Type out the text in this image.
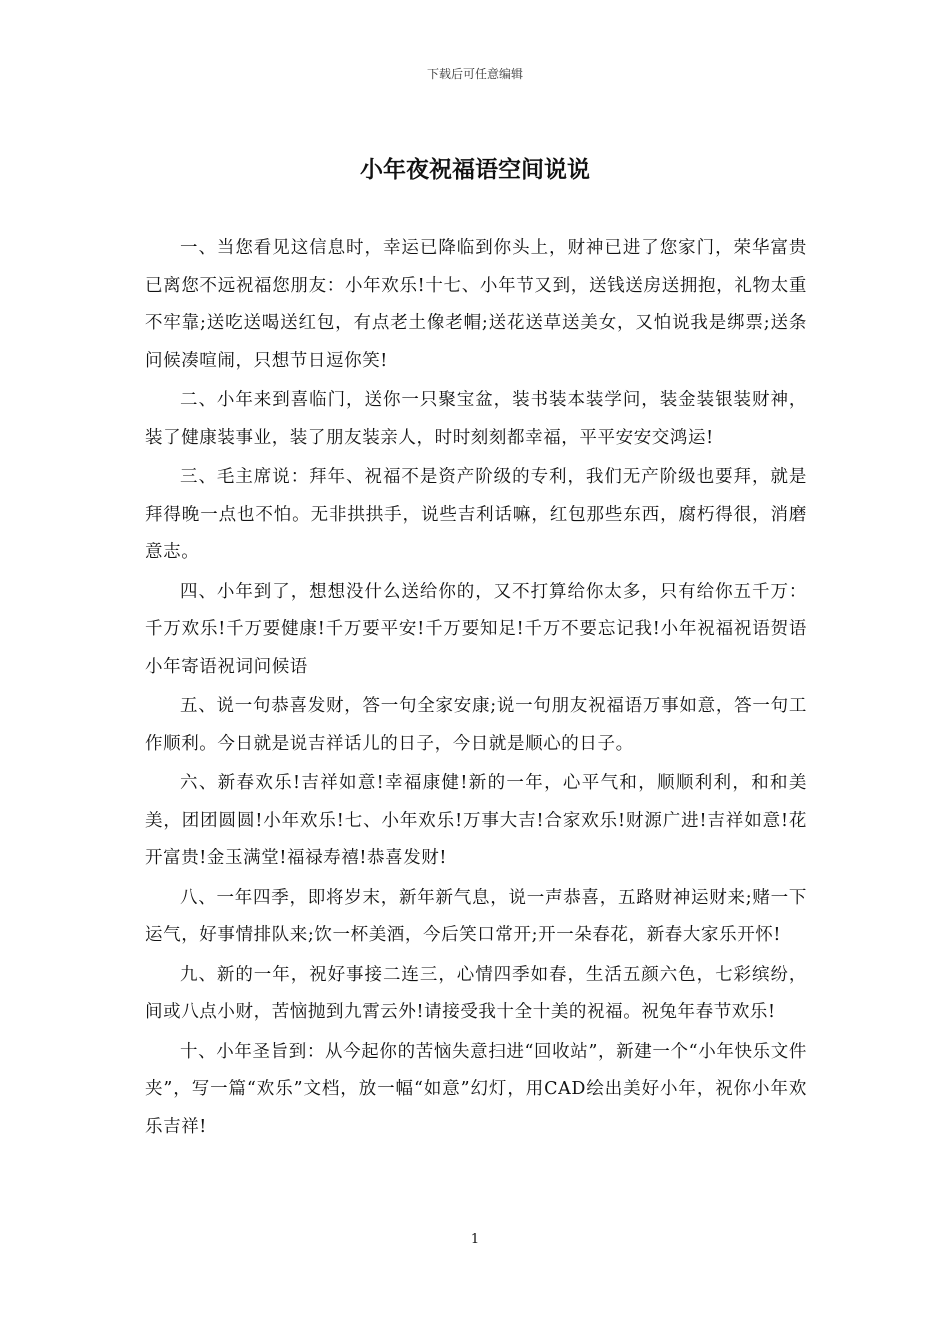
下载后可任意编辑
小年夜祝福语空间说说

一、当您看见这信息时，幸运已降临到你头上，财神已进了您家门，荣华富贵已离您不远祝福您朋友：小年欢乐!十七、小年节又到，送钱送房送拥抱，礼物太重不牢靠;送吃送喝送红包，有点老土像老帽;送花送草送美女，又怕说我是绑票;送条问候凑喧闹，只想节日逗你笑!

二、小年来到喜临门，送你一只聚宝盆，装书装本装学问，装金装银装财神，装了健康装事业，装了朋友装亲人，时时刻刻都幸福，平平安安交鸿运!

三、毛主席说：拜年、祝福不是资产阶级的专利，我们无产阶级也要拜，就是拜得晚一点也不怕。无非拱拱手，说些吉利话嘛，红包那些东西，腐朽得很，消磨意志。

四、小年到了，想想没什么送给你的，又不打算给你太多，只有给你五千万：千万欢乐!千万要健康!千万要平安!千万要知足!千万不要忘记我!小年祝福祝语贺语小年寄语祝词问候语

五、说一句恭喜发财，答一句全家安康;说一句朋友祝福语万事如意，答一句工作顺利。今日就是说吉祥话儿的日子，今日就是顺心的日子。

六、新春欢乐!吉祥如意!幸福康健!新的一年，心平气和，顺顺利利，和和美美，团团圆圆!小年欢乐!七、小年欢乐!万事大吉!合家欢乐!财源广进!吉祥如意!花开富贵!金玉满堂!福禄寿禧!恭喜发财!

八、一年四季，即将岁末，新年新气息，说一声恭喜，五路财神运财来;赌一下运气，好事情排队来;饮一杯美酒，今后笑口常开;开一朵春花，新春大家乐开怀!

九、新的一年，祝好事接二连三，心情四季如春，生活五颜六色，七彩缤纷，间或八点小财，苦恼抛到九霄云外!请接受我十全十美的祝福。祝兔年春节欢乐!

十、小年圣旨到：从今起你的苦恼失意扫进“回收站”，新建一个“小年快乐文件夹”，写一篇“欢乐”文档，放一幅“如意”幻灯，用CAD绘出美好小年，祝你小年欢乐吉祥!

1
